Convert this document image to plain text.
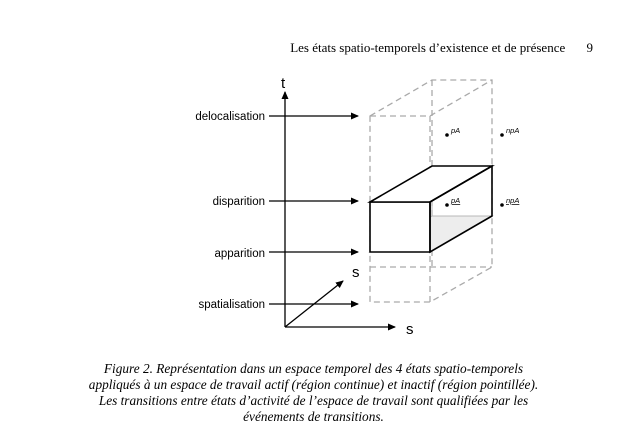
Les états spatio-temporels d’existence et de présence 9
t
s
s
delocalisation
disparition
apparition
spatialisation
pA	npA
pA	npA
Figure 2. Représentation dans un espace temporel des 4 états spatio-temporels
appliqués à un espace de travail actif (région continue) et inactif (région pointillée).
Les transitions entre états d’activité de l’espace de travail sont qualifiées par les
événements de transitions.
